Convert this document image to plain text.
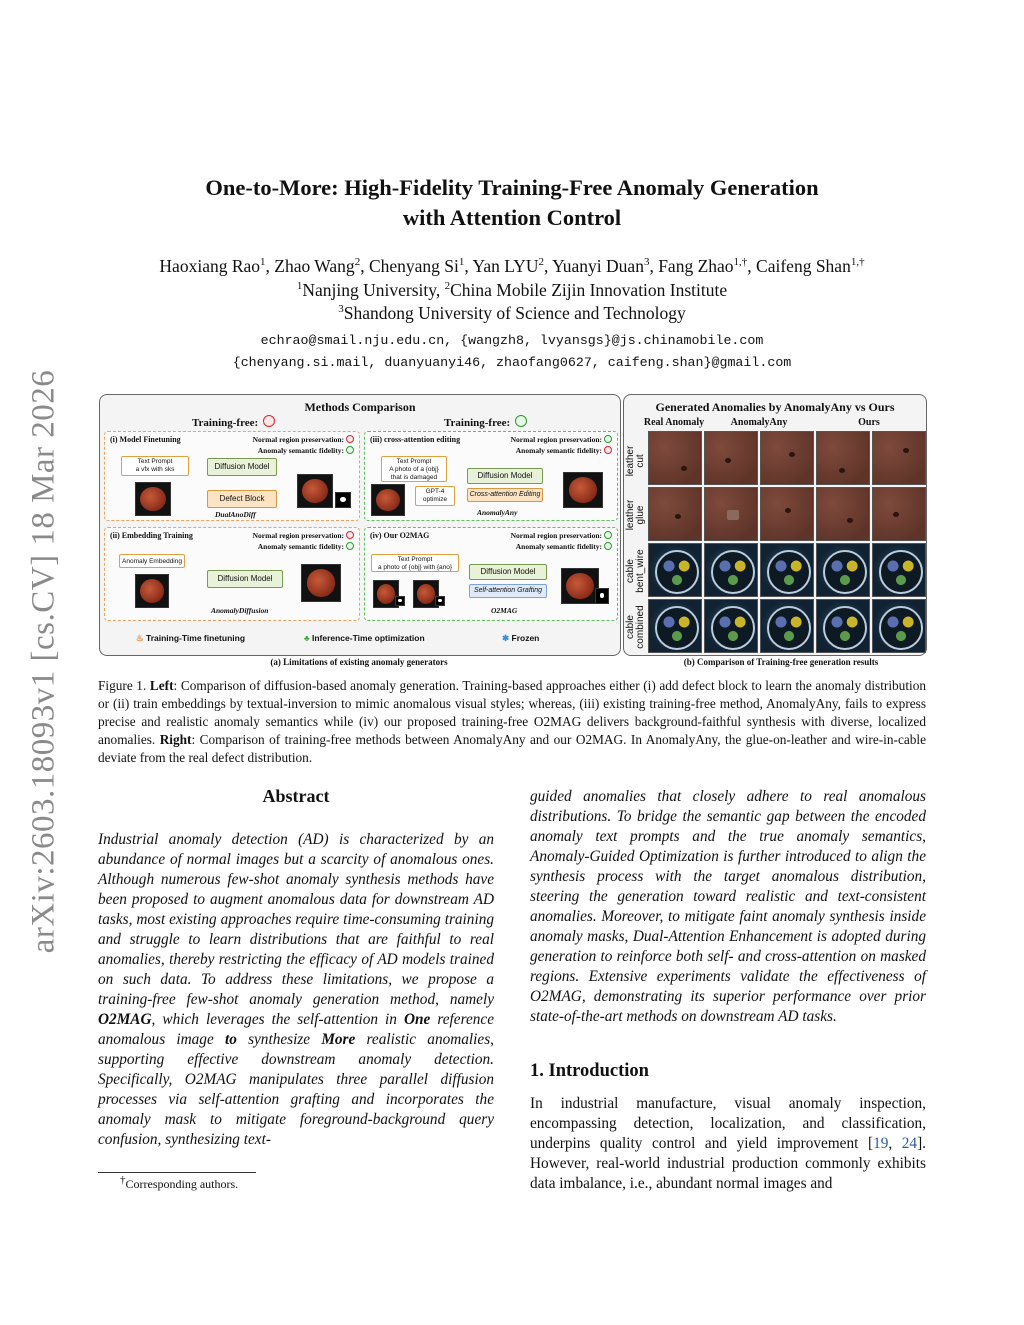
arXiv:2603.18093v1 [cs.CV] 18 Mar 2026
One-to-More: High-Fidelity Training-Free Anomaly Generation
with Attention Control
Haoxiang Rao$^1$, Zhao Wang$^2$, Chenyang Si$^1$, Yan LYU$^2$, Yuanyi Duan$^3$, Fang Zhao$^{1,\dagger}$, Caifeng Shan$^{1,\dagger}$
$^1$Nanjing University, $^2$China Mobile Zijin Innovation Institute
$^3$Shandong University of Science and Technology
echrao@smail.nju.edu.cn, {wangzh8, lvyansgs}@js.chinamobile.com
{chenyang.si.mail, duanyuanyi46, zhaofang0627, caifeng.shan}@gmail.com
Methods Comparison
Training-free:	Training-free:
(i) Model Finetuning	Normal region preservation:
Anomaly semantic fidelity:
Text Prompt
a vfx with sks	Diffusion Model
Defect Block
DualAnoDiff
(iii) cross-attention editing	Normal region preservation:
Anomaly semantic fidelity:
Text Prompt
A photo of a {obj}
that is damaged
GPT-4
optimize
Diffusion Model
Cross-attention Editing
AnomalyAny
(ii) Embedding Training	Normal region preservation:
Anomaly semantic fidelity:
Anomaly Embedding
Diffusion Model
AnomalyDiffusion
(iv) Our O2MAG	Normal region preservation:
Anomaly semantic fidelity:
Text Prompt
a photo of {obj} with {ano}	Diffusion Model
Self-attention Grafting
O2MAG
♨ Training-Time finetuning	♣ Inference-Time optimization	✱ Frozen
(a) Limitations of existing anomaly generators
Generated Anomalies by AnomalyAny vs Ours
Real Anomaly	AnomalyAny	Ours
leather
cut
leather
glue
cable
bent_wire
cable
combined
(b) Comparison of Training-free generation results
Figure 1. Left: Comparison of diffusion-based anomaly generation. Training-based approaches either (i) add defect block to learn the anomaly distribution or (ii) train embeddings by textual-inversion to mimic anomalous visual styles; whereas, (iii) existing training-free method, AnomalyAny, fails to express precise and realistic anomaly semantics while (iv) our proposed training-free O2MAG delivers background-faithful synthesis with diverse, localized anomalies. Right: Comparison of training-free methods between AnomalyAny and our O2MAG. In AnomalyAny, the glue-on-leather and wire-in-cable deviate from the real defect distribution.
Abstract
Industrial anomaly detection (AD) is characterized by an abundance of normal images but a scarcity of anomalous ones. Although numerous few-shot anomaly synthesis methods have been proposed to augment anomalous data for downstream AD tasks, most existing approaches require time-consuming training and struggle to learn distributions that are faithful to real anomalies, thereby restricting the efficacy of AD models trained on such data. To address these limitations, we propose a training-free few-shot anomaly generation method, namely O2MAG, which leverages the self-attention in One reference anomalous image to synthesize More realistic anomalies, supporting effective downstream anomaly detection. Specifically, O2MAG manipulates three parallel diffusion processes via self-attention grafting and incorporates the anomaly mask to mitigate foreground-background query confusion, synthesizing text-
guided anomalies that closely adhere to real anomalous distributions. To bridge the semantic gap between the encoded anomaly text prompts and the true anomaly semantics, Anomaly-Guided Optimization is further introduced to align the synthesis process with the target anomalous distribution, steering the generation toward realistic and text-consistent anomalies. Moreover, to mitigate faint anomaly synthesis inside anomaly masks, Dual-Attention Enhancement is adopted during generation to reinforce both self- and cross-attention on masked regions. Extensive experiments validate the effectiveness of O2MAG, demonstrating its superior performance over prior state-of-the-art methods on downstream AD tasks.
1. Introduction
In industrial manufacture, visual anomaly inspection, encompassing detection, localization, and classification, underpins quality control and yield improvement [19, 24]. However, real-world industrial production commonly exhibits data imbalance, i.e., abundant normal images and
†Corresponding authors.
